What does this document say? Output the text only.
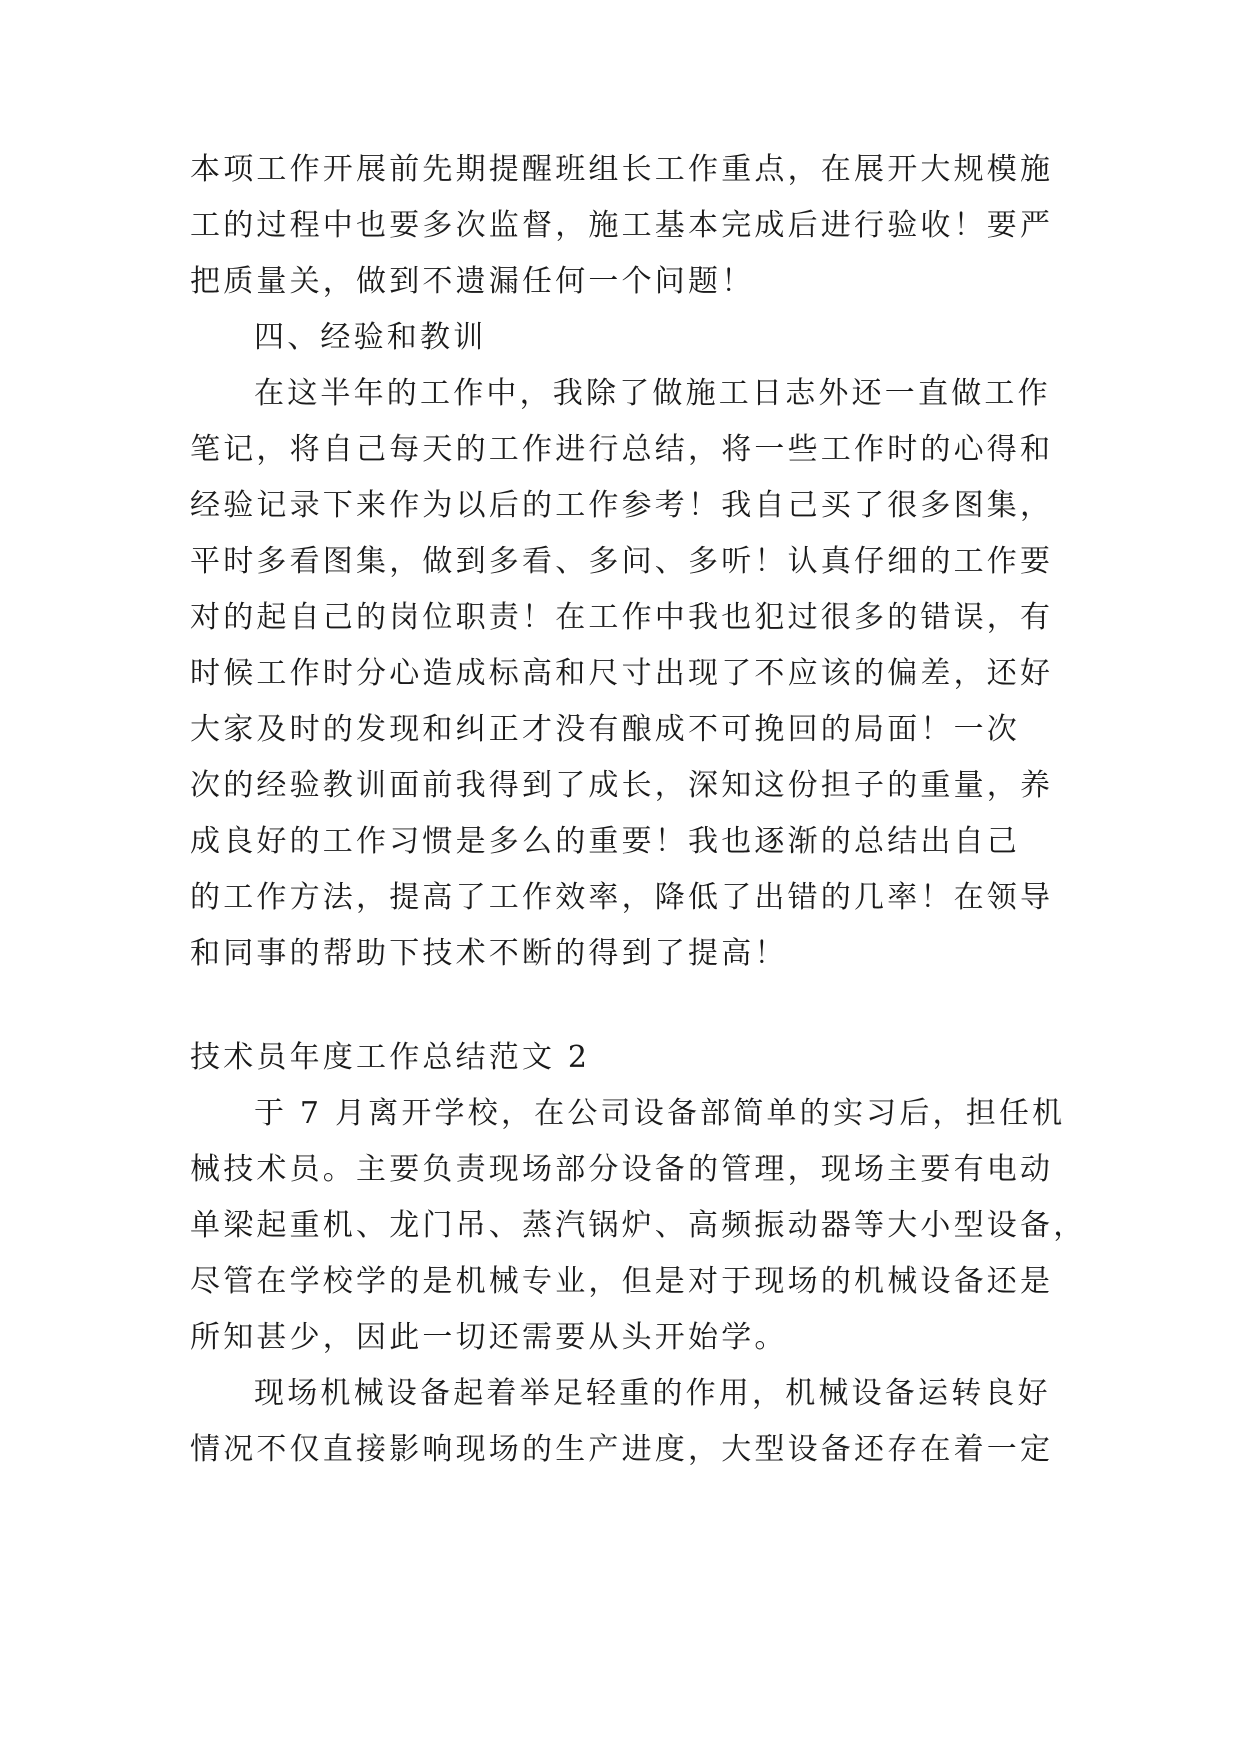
本项工作开展前先期提醒班组长工作重点，在展开大规模施
工的过程中也要多次监督，施工基本完成后进行验收！要严
把质量关，做到不遗漏任何一个问题！
四、经验和教训
在这半年的工作中，我除了做施工日志外还一直做工作
笔记，将自己每天的工作进行总结，将一些工作时的心得和
经验记录下来作为以后的工作参考！我自己买了很多图集，
平时多看图集，做到多看、多问、多听！认真仔细的工作要
对的起自己的岗位职责！在工作中我也犯过很多的错误，有
时候工作时分心造成标高和尺寸出现了不应该的偏差，还好
大家及时的发现和纠正才没有酿成不可挽回的局面！一次
次的经验教训面前我得到了成长，深知这份担子的重量，养
成良好的工作习惯是多么的重要！我也逐渐的总结出自己
的工作方法，提高了工作效率，降低了出错的几率！在领导
和同事的帮助下技术不断的得到了提高！
技术员年度工作总结范文 2
于 7 月离开学校，在公司设备部简单的实习后，担任机
械技术员。主要负责现场部分设备的管理，现场主要有电动
单梁起重机、龙门吊、蒸汽锅炉、高频振动器等大小型设备，
尽管在学校学的是机械专业，但是对于现场的机械设备还是
所知甚少，因此一切还需要从头开始学。
现场机械设备起着举足轻重的作用，机械设备运转良好
情况不仅直接影响现场的生产进度，大型设备还存在着一定
